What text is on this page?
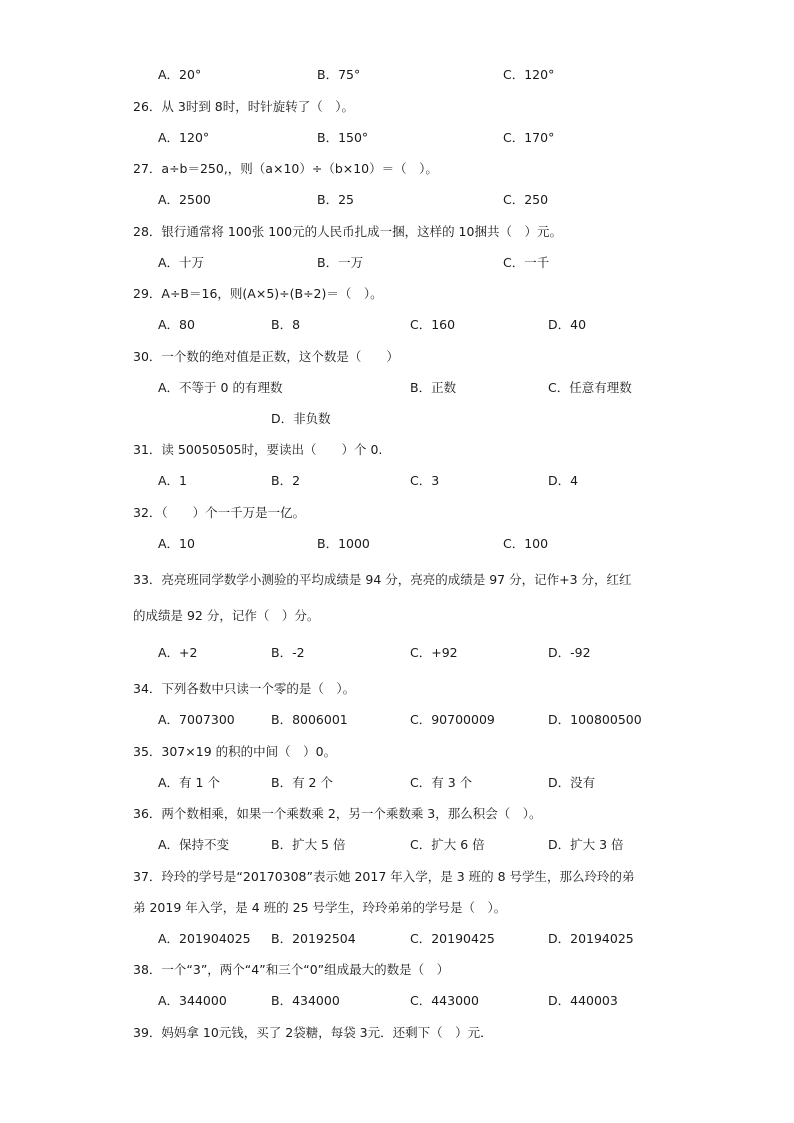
A．20°	B．75°	C．120°
26．从 3时到 8时，时针旋转了（　）。
A．120°	B．150°	C．170°
27．a÷b＝250,，则（a×10）÷（b×10）＝（　）。
A．2500	B．25	C．250
28．银行通常将 100张 100元的人民币扎成一捆，这样的 10捆共（　）元。
A．十万	B．一万	C．一千
29．A÷B＝16，则(A×5)÷(B÷2)＝（　）。
A．80	B．8	C．160	D．40
30．一个数的绝对值是正数，这个数是（　　）
A．不等于 0 的有理数	B．正数	C．任意有理数
D．非负数
31．读 50050505时，要读出（　　）个 0.
A．1	B．2	C．3	D．4
32．（　　）个一千万是一亿。
A．10	B．1000	C．100
33．亮亮班同学数学小测验的平均成绩是 94 分，亮亮的成绩是 97 分，记作+3 分，红红
的成绩是 92 分，记作（　）分。
A．+2	B．-2	C．+92	D．-92
34．下列各数中只读一个零的是（　）。
A．7007300	B．8006001	C．90700009	D．100800500
35．307×19 的积的中间（　）0。
A．有 1 个	B．有 2 个	C．有 3 个	D．没有
36．两个数相乘，如果一个乘数乘 2，另一个乘数乘 3，那么积会（　）。
A．保持不变	B．扩大 5 倍	C．扩大 6 倍	D．扩大 3 倍
37．玲玲的学号是“20170308”表示她 2017 年入学，是 3 班的 8 号学生，那么玲玲的弟
弟 2019 年入学，是 4 班的 25 号学生，玲玲弟弟的学号是（　）。
A．201904025 B．20192504	C．20190425	D．20194025
38．一个“3”，两个“4”和三个“0”组成最大的数是（　）
A．344000	B．434000	C．443000	D．440003
39．妈妈拿 10元钱，买了 2袋糖，每袋 3元．还剩下（　）元．
